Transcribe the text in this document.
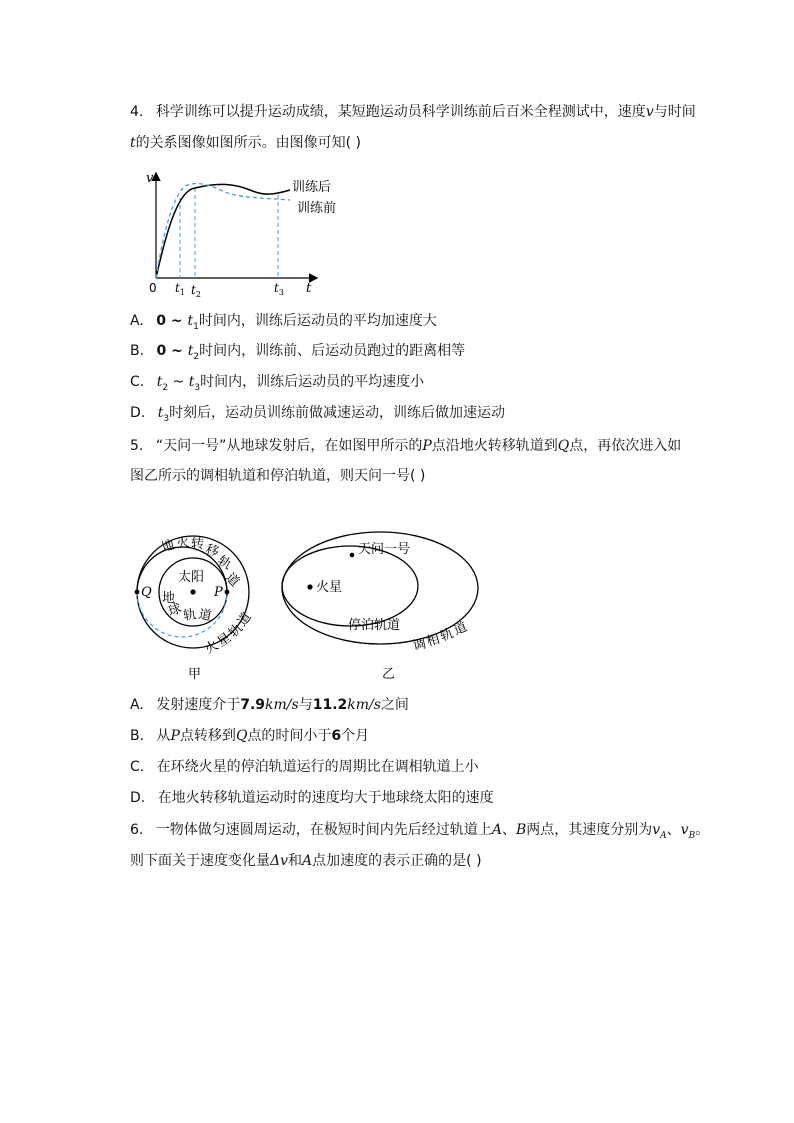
4. 科学训练可以提升运动成绩，某短跑运动员科学训练前后百米全程测试中，速度v与时间
t的关系图像如图所示。由图像可知( )
v
t
0 $t_1$ $t_2$	$t_3$
训练后
训练前
A. 0 ~ $t_1$时间内，训练后运动员的平均加速度大
B. 0 ~ $t_2$时间内，训练前、后运动员跑过的距离相等
C. $t_2$ ~ $t_3$时间内，训练后运动员的平均速度小
D. $t_3$时刻后，运动员训练前做减速运动，训练后做加速运动
5. “天问一号”从地球发射后，在如图甲所示的P点沿地火转移轨道到Q点，再依次进入如
图乙所示的调相轨道和停泊轨道，则天问一号( )
太阳
P
Q
地
火 转 移
轨
道
地
球
轨 道
火
星
轨
道
甲
天问一号
火星
停泊轨道
调
相
轨
道
乙
A. 发射速度介于7.9km/s与11.2km/s之间
B. 从P点转移到Q点的时间小于6个月
C. 在环绕火星的停泊轨道运行的周期比在调相轨道上小
D. 在地火转移轨道运动时的速度均大于地球绕太阳的速度
6. 一物体做匀速圆周运动，在极短时间内先后经过轨道上A、B两点，其速度分别为$v_A$、$v_B$。
则下面关于速度变化量Δv和A点加速度的表示正确的是( )
